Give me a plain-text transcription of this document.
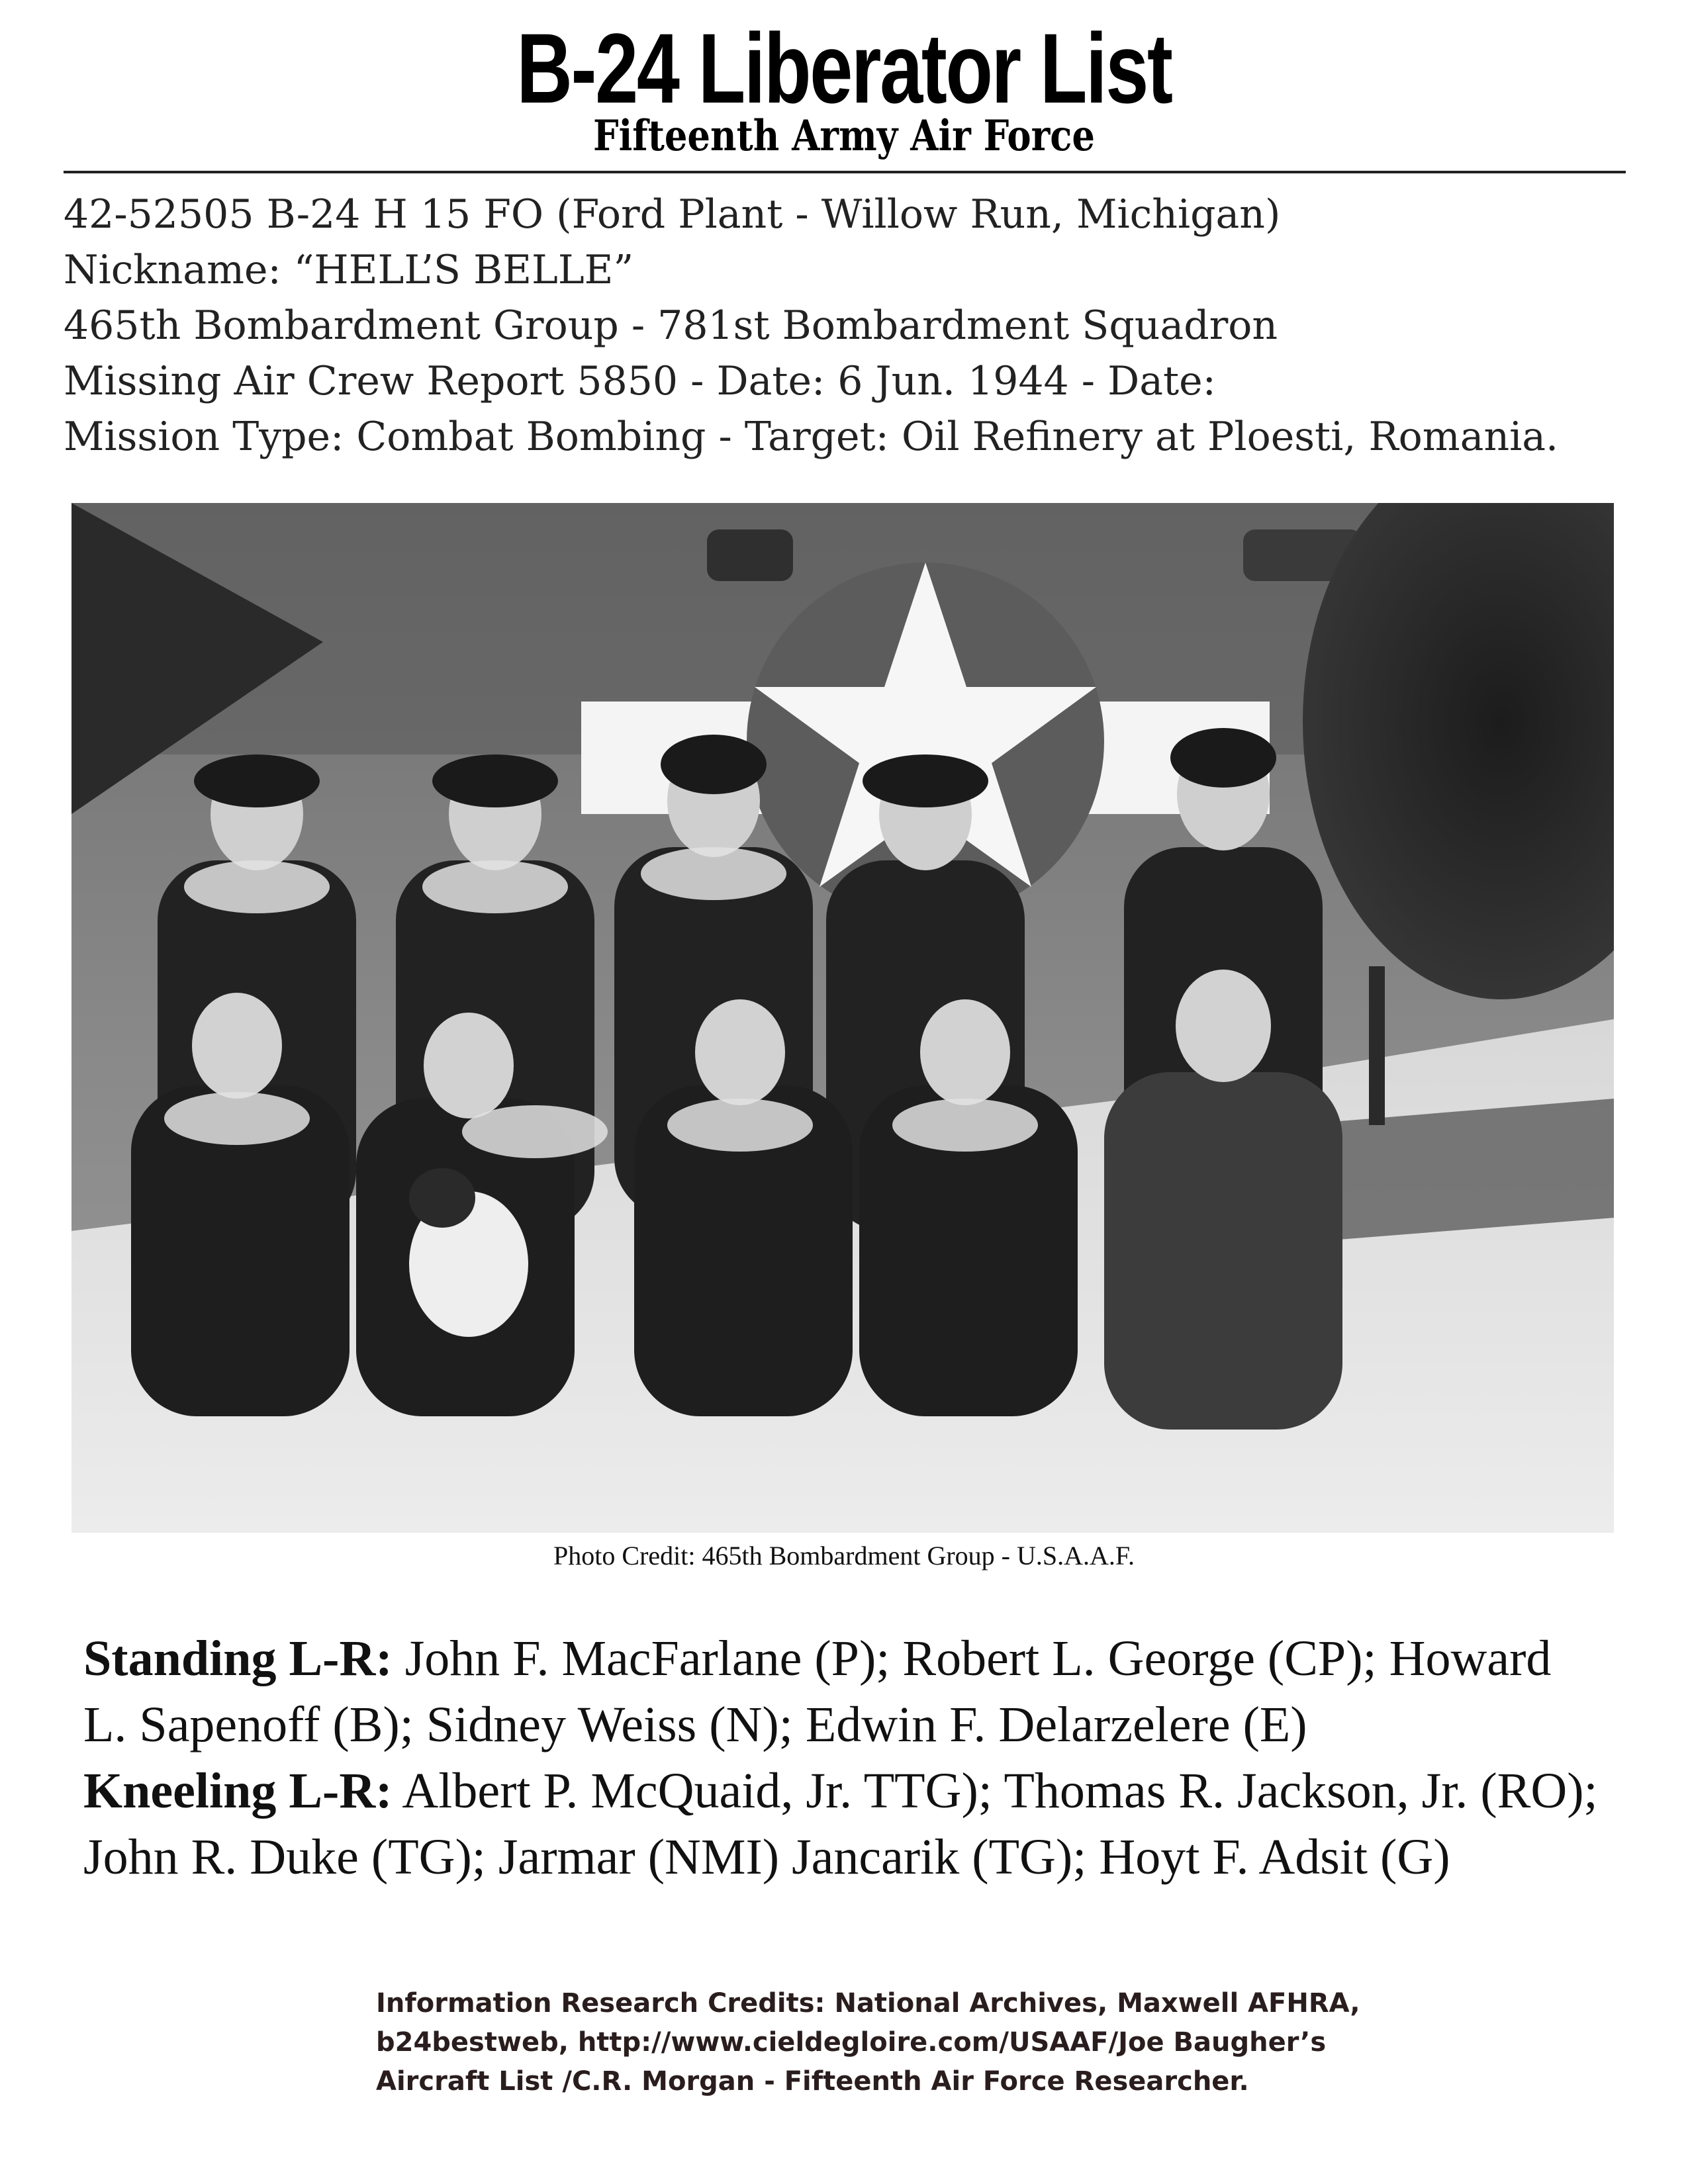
B-24 Liberator List
Fifteenth Army Air Force
42-52505 B-24 H 15 FO (Ford Plant - Willow Run, Michigan)
Nickname: “HELL’S BELLE”
465th Bombardment Group - 781st Bombardment Squadron
Missing Air Crew Report 5850 - Date: 6 Jun. 1944 - Date:
Mission Type: Combat Bombing - Target: Oil Refinery at Ploesti, Romania.
Photo Credit: 465th Bombardment Group - U.S.A.A.F.
Standing L-R: John F. MacFarlane (P); Robert L. George (CP); Howard L. Sapenoff (B); Sidney Weiss (N); Edwin F. Delarzelere (E)
Kneeling L-R: Albert P. McQuaid, Jr. TTG); Thomas R. Jackson, Jr. (RO); John R. Duke (TG); Jarmar (NMI) Jancarik (TG); Hoyt F. Adsit (G)
Information Research Credits: National Archives, Maxwell AFHRA,
b24bestweb, http://www.cieldegloire.com/USAAF/Joe Baugher’s
Aircraft List /C.R. Morgan - Fifteenth Air Force Researcher.
